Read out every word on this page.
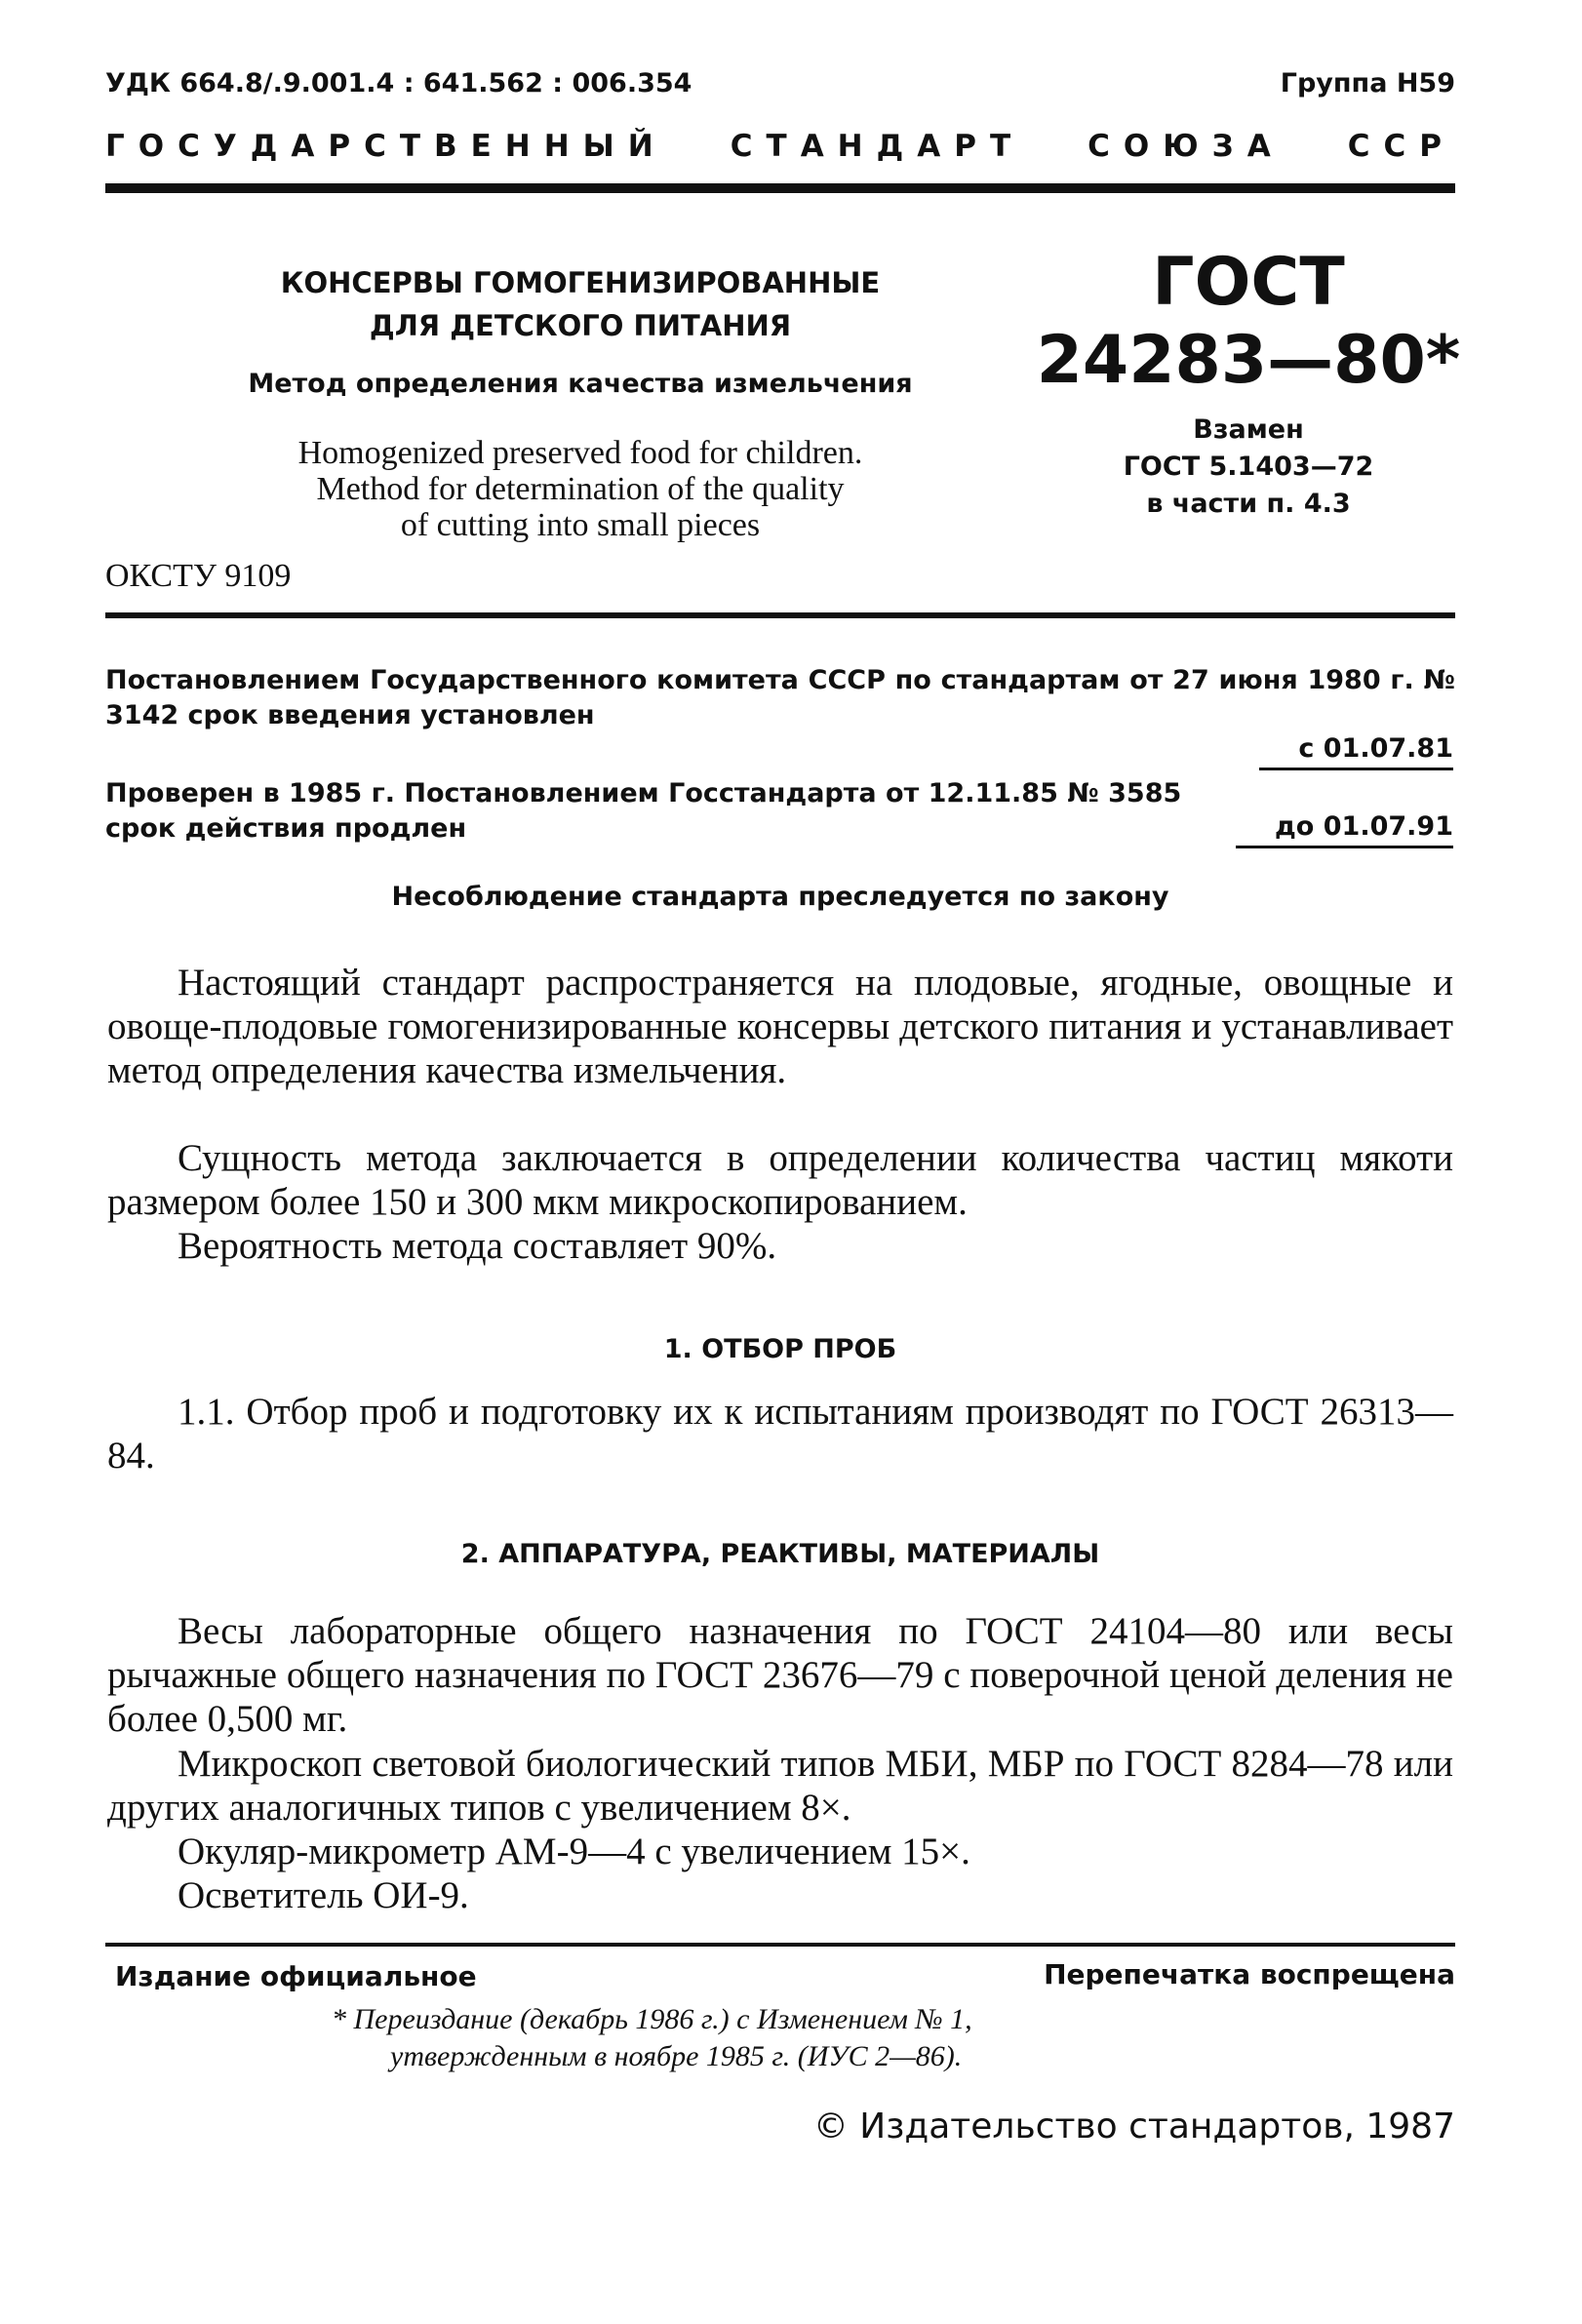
УДК 664.8/.9.001.4 : 641.562 : 006.354	Группа Н59
ГОСУДАРСТВЕННЫЙ СТАНДАРТ СОЮЗА ССР
КОНСЕРВЫ ГОМОГЕНИЗИРОВАННЫЕ
ДЛЯ ДЕТСКОГО ПИТАНИЯ
Метод определения качества измельчения
Homogenized preserved food for children.
Method for determination of the quality
of cutting into small pieces
ОКСТУ 9109
ГОСТ
24283—80*
Взамен
ГОСТ 5.1403—72
в части п. 4.3
Постановлением Государственного комитета СССР по стандартам от 27 июня 1980 г. № 3142 срок введения установлен
с 01.07.81
Проверен в 1985 г. Постановлением Госстандарта от 12.11.85 № 3585
срок действия продлен	до 01.07.91
Несоблюдение стандарта преследуется по закону
Настоящий стандарт распространяется на плодовые, ягодные, овощные и овоще-плодовые гомогенизированные консервы детского питания и устанавливает метод определения качества измельчения.
Сущность метода заключается в определении количества частиц мякоти размером более 150 и 300 мкм микроскопированием.
Вероятность метода составляет 90%.
1. ОТБОР ПРОБ
1.1. Отбор проб и подготовку их к испытаниям производят по ГОСТ 26313—84.
2. АППАРАТУРА, РЕАКТИВЫ, МАТЕРИАЛЫ
Весы лабораторные общего назначения по ГОСТ 24104—80 или весы рычажные общего назначения по ГОСТ 23676—79 с поверочной ценой деления не более 0,500 мг.
Микроскоп световой биологический типов МБИ, МБР по ГОСТ 8284—78 или других аналогичных типов с увеличением 8×.
Окуляр-микрометр АМ-9—4 с увеличением 15×.
Осветитель ОИ-9.
Издание официальное	Перепечатка воспрещена
* Переиздание (декабрь 1986 г.) с Изменением № 1,
утвержденным в ноябре 1985 г. (ИУС 2—86).
© Издательство стандартов, 1987
